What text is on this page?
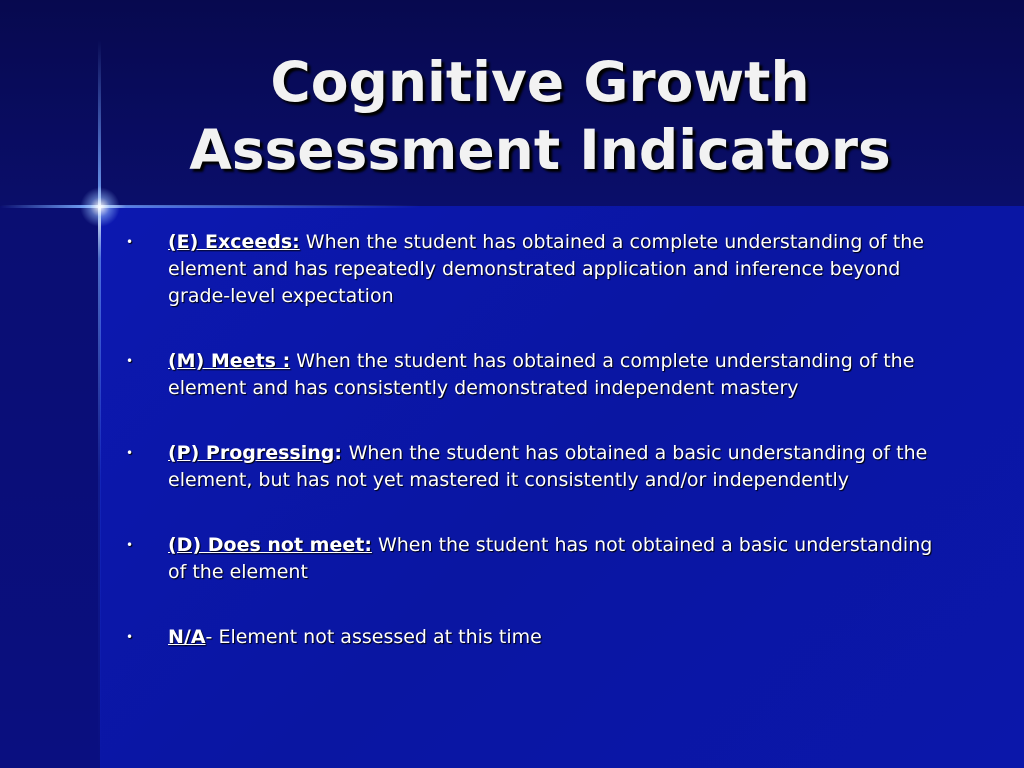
Cognitive Growth
Assessment Indicators
• (E) Exceeds: When the student has obtained a complete understanding of the element and has repeatedly demonstrated application and inference beyond grade-level expectation
• (M) Meets : When the student has obtained a complete understanding of the element and has consistently demonstrated independent mastery
• (P) Progressing: When the student has obtained a basic understanding of the element, but has not yet mastered it consistently and/or independently
• (D) Does not meet: When the student has not obtained a basic understanding of the element
• N/A- Element not assessed at this time
